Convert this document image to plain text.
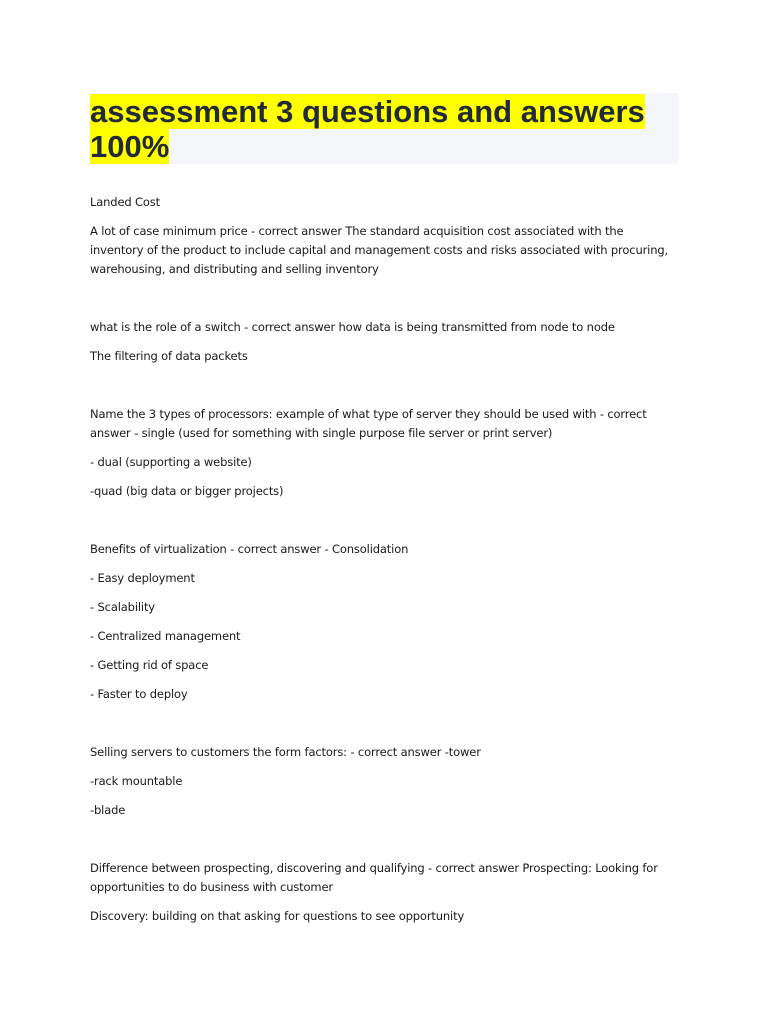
assessment 3 questions and answers 100%

Landed Cost

A lot of case minimum price - correct answer The standard acquisition cost associated with the inventory of the product to include capital and management costs and risks associated with procuring, warehousing, and distributing and selling inventory

what is the role of a switch - correct answer how data is being transmitted from node to node

The filtering of data packets

Name the 3 types of processors: example of what type of server they should be used with - correct answer - single (used for something with single purpose file server or print server)

- dual (supporting a website)

-quad (big data or bigger projects)

Benefits of virtualization - correct answer - Consolidation

- Easy deployment

- Scalability

- Centralized management

- Getting rid of space

- Faster to deploy

Selling servers to customers the form factors: - correct answer -tower

-rack mountable

-blade

Difference between prospecting, discovering and qualifying - correct answer Prospecting: Looking for opportunities to do business with customer

Discovery: building on that asking for questions to see opportunity
